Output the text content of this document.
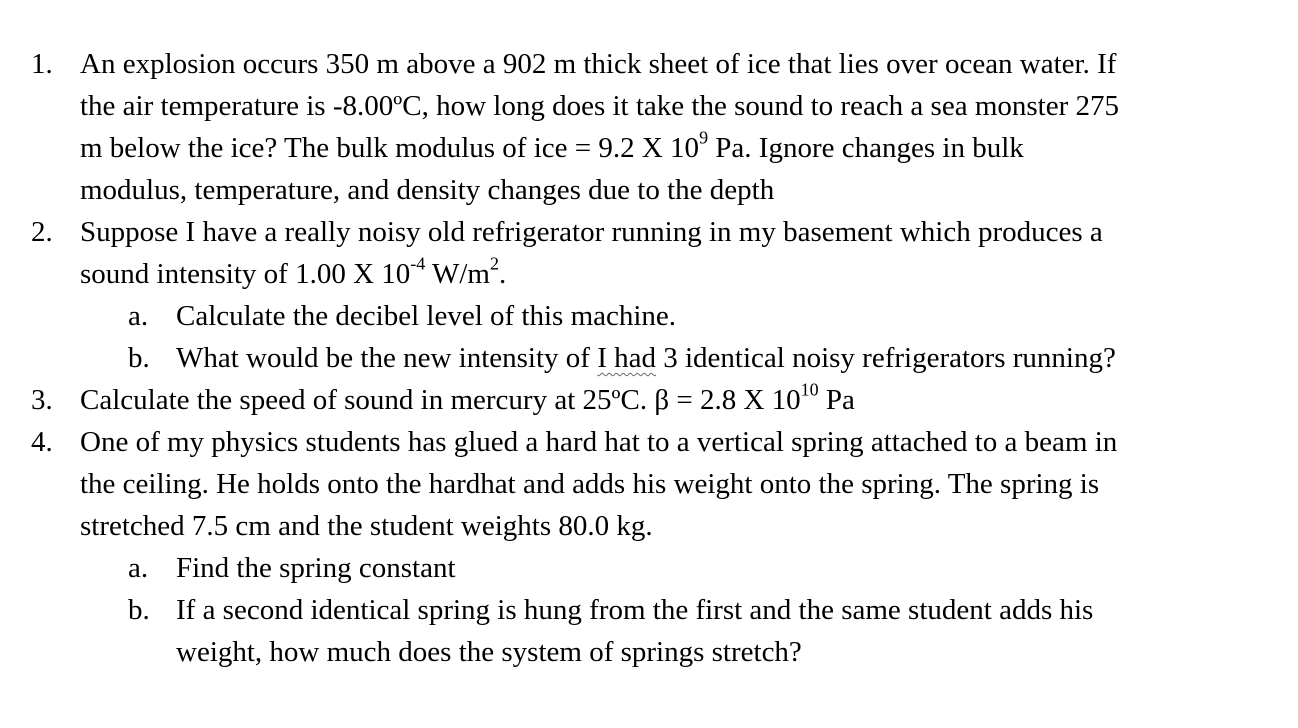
1. An explosion occurs 350 m above a 902 m thick sheet of ice that lies over ocean water. If
the air temperature is -8.00ºC, how long does it take the sound to reach a sea monster 275
m below the ice? The bulk modulus of ice = 9.2 X $10^9$ Pa. Ignore changes in bulk
modulus, temperature, and density changes due to the depth
2. Suppose I have a really noisy old refrigerator running in my basement which produces a
sound intensity of 1.00 X $10^{-4}$ $W/m^2$.
a. Calculate the decibel level of this machine.
b. What would be the new intensity of I had 3 identical noisy refrigerators running?
3. Calculate the speed of sound in mercury at 25ºC. β = 2.8 X $10^{10}$ Pa
4. One of my physics students has glued a hard hat to a vertical spring attached to a beam in
the ceiling. He holds onto the hardhat and adds his weight onto the spring. The spring is
stretched 7.5 cm and the student weights 80.0 kg.
a. Find the spring constant
b. If a second identical spring is hung from the first and the same student adds his
weight, how much does the system of springs stretch?
